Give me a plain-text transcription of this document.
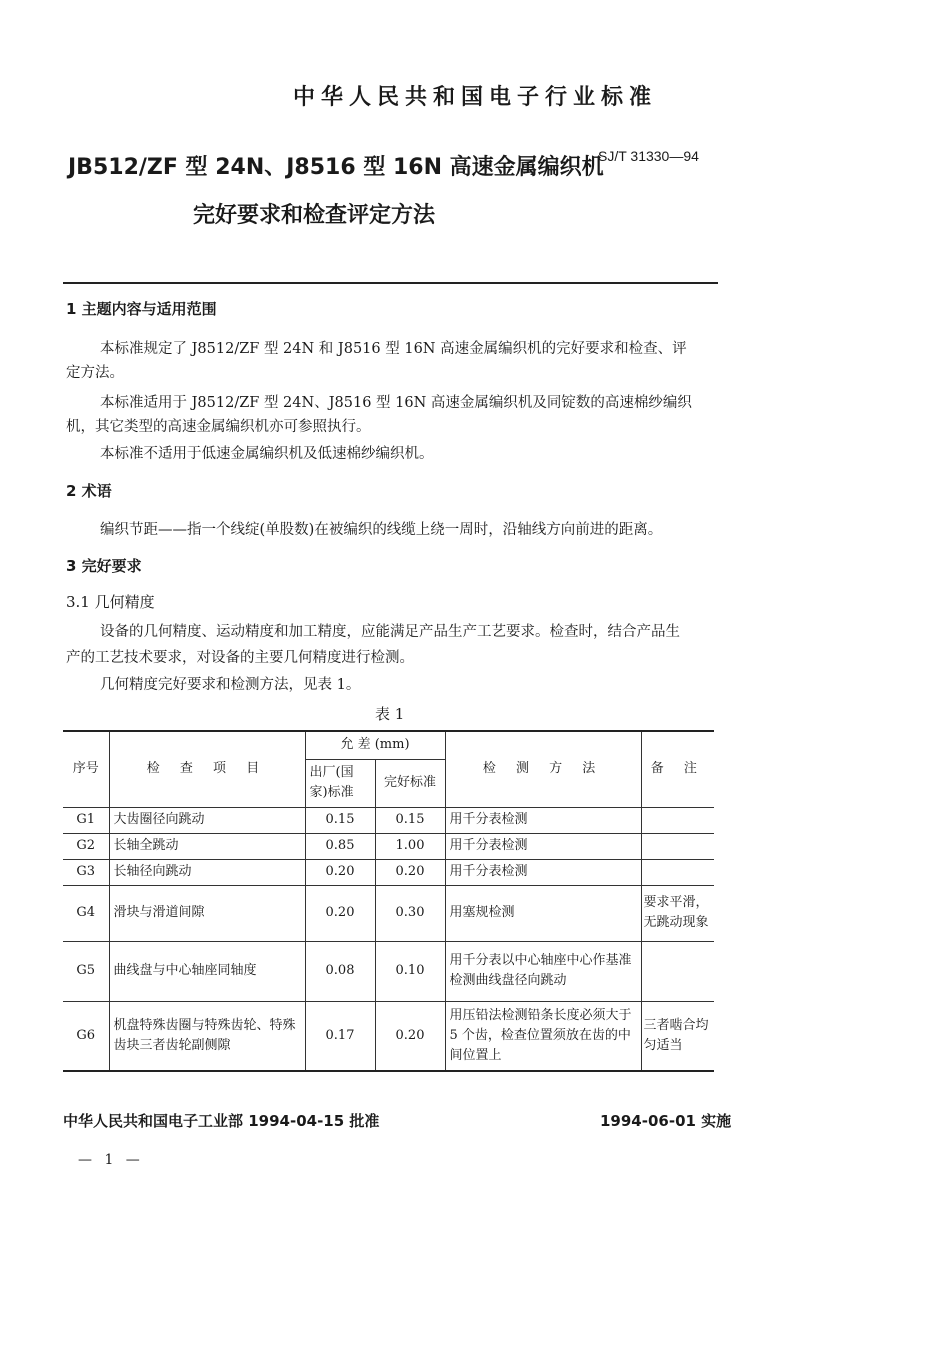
中华人民共和国电子行业标准
JB512/ZF 型 24N、J8516 型 16N 高速金属编织机
SJ/T 31330—94
完好要求和检查评定方法
1 主题内容与适用范围
本标准规定了 J8512/ZF 型 24N 和 J8516 型 16N 高速金属编织机的完好要求和检查、评
定方法。
本标准适用于 J8512/ZF 型 24N、J8516 型 16N 高速金属编织机及同锭数的高速棉纱编织
机，其它类型的高速金属编织机亦可参照执行。
本标准不适用于低速金属编织机及低速棉纱编织机。
2 术语
编织节距——指一个线绽(单股数)在被编织的线缆上绕一周时，沿轴线方向前进的距离。
3 完好要求
3.1 几何精度
设备的几何精度、运动精度和加工精度，应能满足产品生产工艺要求。检查时，结合产品生
产的工艺技术要求，对设备的主要几何精度进行检测。
几何精度完好要求和检测方法，见表 1。
表 1
序号	检 查 项 目	允 差 (mm)		检 测 方 法	备 注
		出厂(国家)标准	完好标准		
G1	大齿圈径向跳动	0.15	0.15	用千分表检测	
G2	长轴全跳动	0.85	1.00	用千分表检测	
G3	长轴径向跳动	0.20	0.20	用千分表检测	
G4	滑块与滑道间隙	0.20	0.30	用塞规检测	要求平滑，无跳动现象
G5	曲线盘与中心轴座同轴度	0.08	0.10	用千分表以中心轴座中心作基准检测曲线盘径向跳动	
G6	机盘特殊齿圈与特殊齿轮、特殊齿块三者齿轮副侧隙	0.17	0.20	用压铅法检测铅条长度必须大于 5 个齿，检查位置须放在齿的中间位置上	三者啮合均匀适当
中华人民共和国电子工业部 1994-04-15 批准	1994-06-01 实施
— 1 —
